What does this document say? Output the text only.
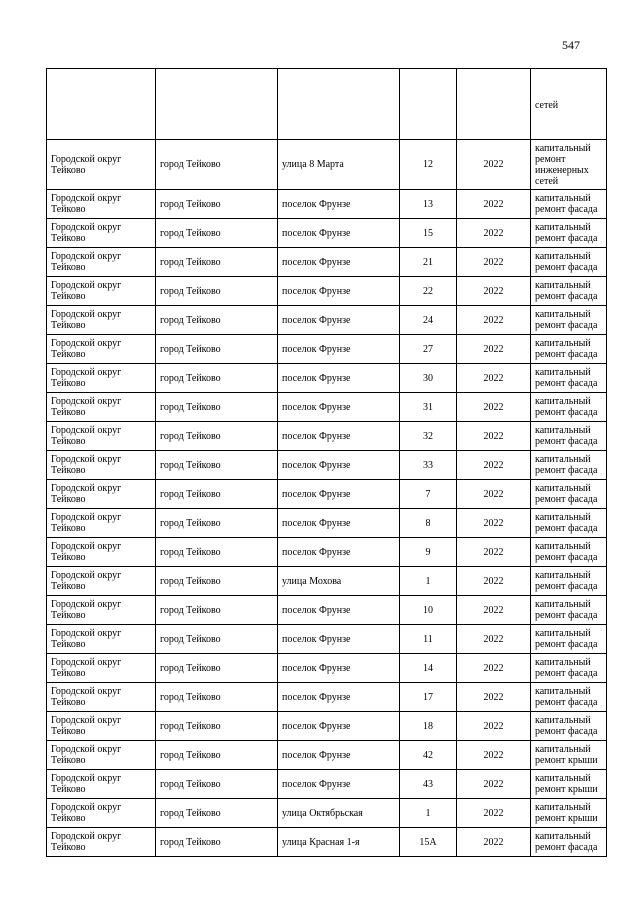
547
					сетей
Городской округ Тейково	город Тейково	улица 8 Марта	12	2022	капитальный ремонт инженерных сетей
Городской округ Тейково	город Тейково	поселок Фрунзе	13	2022	капитальный ремонт фасада
Городской округ Тейково	город Тейково	поселок Фрунзе	15	2022	капитальный ремонт фасада
Городской округ Тейково	город Тейково	поселок Фрунзе	21	2022	капитальный ремонт фасада
Городской округ Тейково	город Тейково	поселок Фрунзе	22	2022	капитальный ремонт фасада
Городской округ Тейково	город Тейково	поселок Фрунзе	24	2022	капитальный ремонт фасада
Городской округ Тейково	город Тейково	поселок Фрунзе	27	2022	капитальный ремонт фасада
Городской округ Тейково	город Тейково	поселок Фрунзе	30	2022	капитальный ремонт фасада
Городской округ Тейково	город Тейково	поселок Фрунзе	31	2022	капитальный ремонт фасада
Городской округ Тейково	город Тейково	поселок Фрунзе	32	2022	капитальный ремонт фасада
Городской округ Тейково	город Тейково	поселок Фрунзе	33	2022	капитальный ремонт фасада
Городской округ Тейково	город Тейково	поселок Фрунзе	7	2022	капитальный ремонт фасада
Городской округ Тейково	город Тейково	поселок Фрунзе	8	2022	капитальный ремонт фасада
Городской округ Тейково	город Тейково	поселок Фрунзе	9	2022	капитальный ремонт фасада
Городской округ Тейково	город Тейково	улица Мохова	1	2022	капитальный ремонт фасада
Городской округ Тейково	город Тейково	поселок Фрунзе	10	2022	капитальный ремонт фасада
Городской округ Тейково	город Тейково	поселок Фрунзе	11	2022	капитальный ремонт фасада
Городской округ Тейково	город Тейково	поселок Фрунзе	14	2022	капитальный ремонт фасада
Городской округ Тейково	город Тейково	поселок Фрунзе	17	2022	капитальный ремонт фасада
Городской округ Тейково	город Тейково	поселок Фрунзе	18	2022	капитальный ремонт фасада
Городской округ Тейково	город Тейково	поселок Фрунзе	42	2022	капитальный ремонт крыши
Городской округ Тейково	город Тейково	поселок Фрунзе	43	2022	капитальный ремонт крыши
Городской округ Тейково	город Тейково	улица Октябрьская	1	2022	капитальный ремонт крыши
Городской округ Тейково	город Тейково	улица Красная 1-я	15А	2022	капитальный ремонт фасада
